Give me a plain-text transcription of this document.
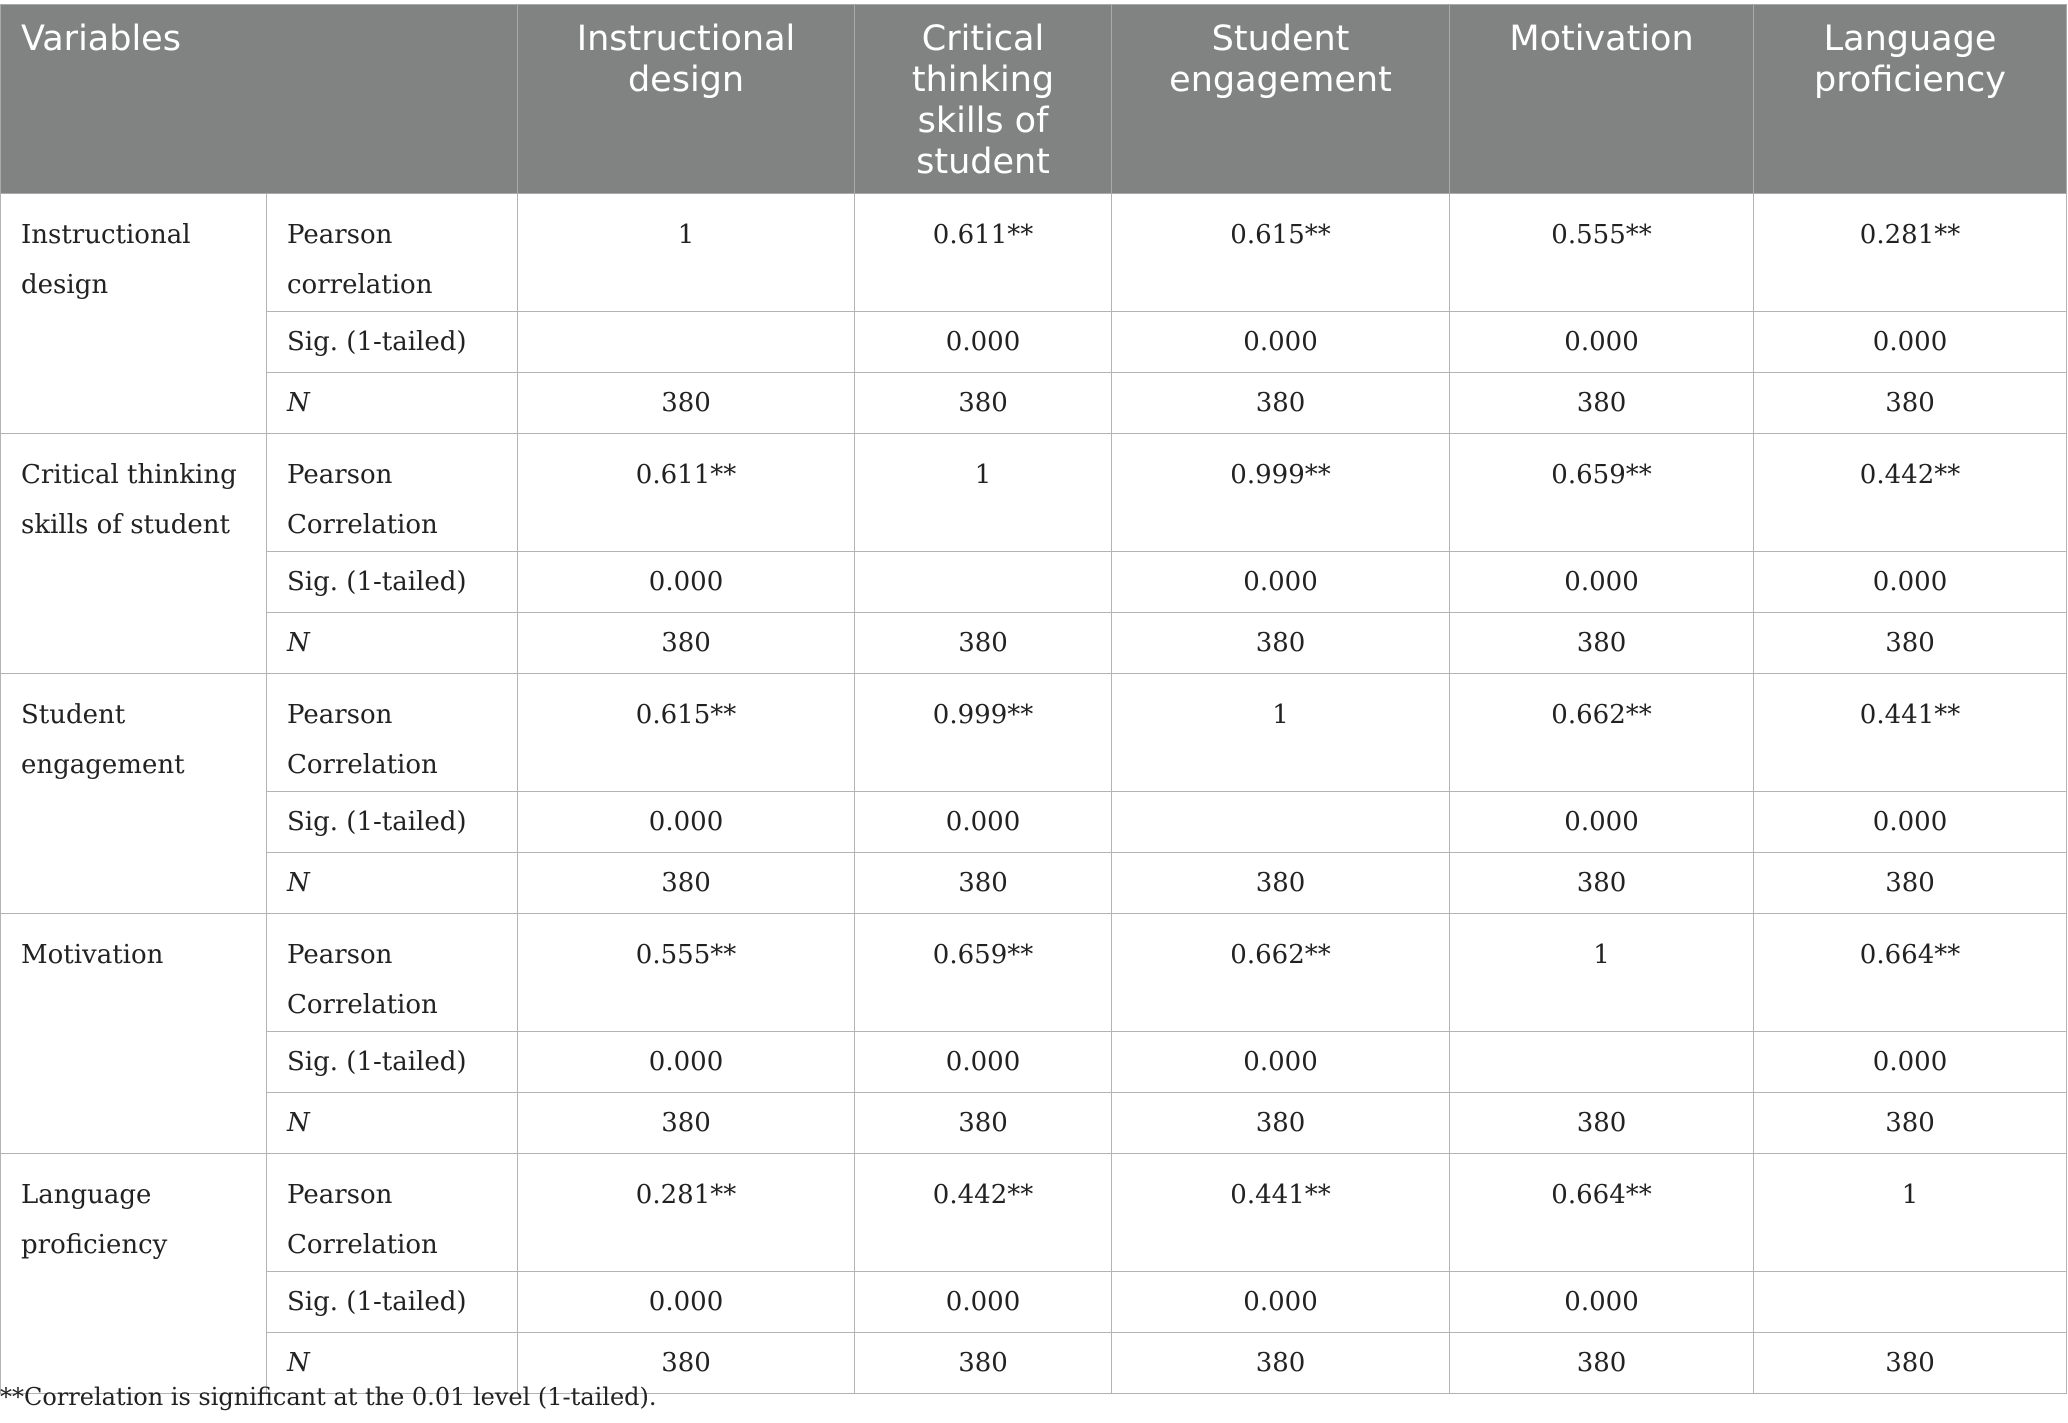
Variables		Instructional design	Critical thinking skills of student	Student engagement	Motivation	Language proficiency
Instructional design	Pearson correlation	1	0.611**	0.615**	0.555**	0.281**
	Sig. (1-tailed)		0.000	0.000	0.000	0.000
	N	380	380	380	380	380
Critical thinking skills of student	Pearson Correlation	0.611**	1	0.999**	0.659**	0.442**
	Sig. (1-tailed)	0.000		0.000	0.000	0.000
	N	380	380	380	380	380
Student engagement	Pearson Correlation	0.615**	0.999**	1	0.662**	0.441**
	Sig. (1-tailed)	0.000	0.000		0.000	0.000
	N	380	380	380	380	380
Motivation	Pearson Correlation	0.555**	0.659**	0.662**	1	0.664**
	Sig. (1-tailed)	0.000	0.000	0.000		0.000
	N	380	380	380	380	380
Language proficiency	Pearson Correlation	0.281**	0.442**	0.441**	0.664**	1
	Sig. (1-tailed)	0.000	0.000	0.000	0.000	
	N	380	380	380	380	380
**Correlation is significant at the 0.01 level (1-tailed).
